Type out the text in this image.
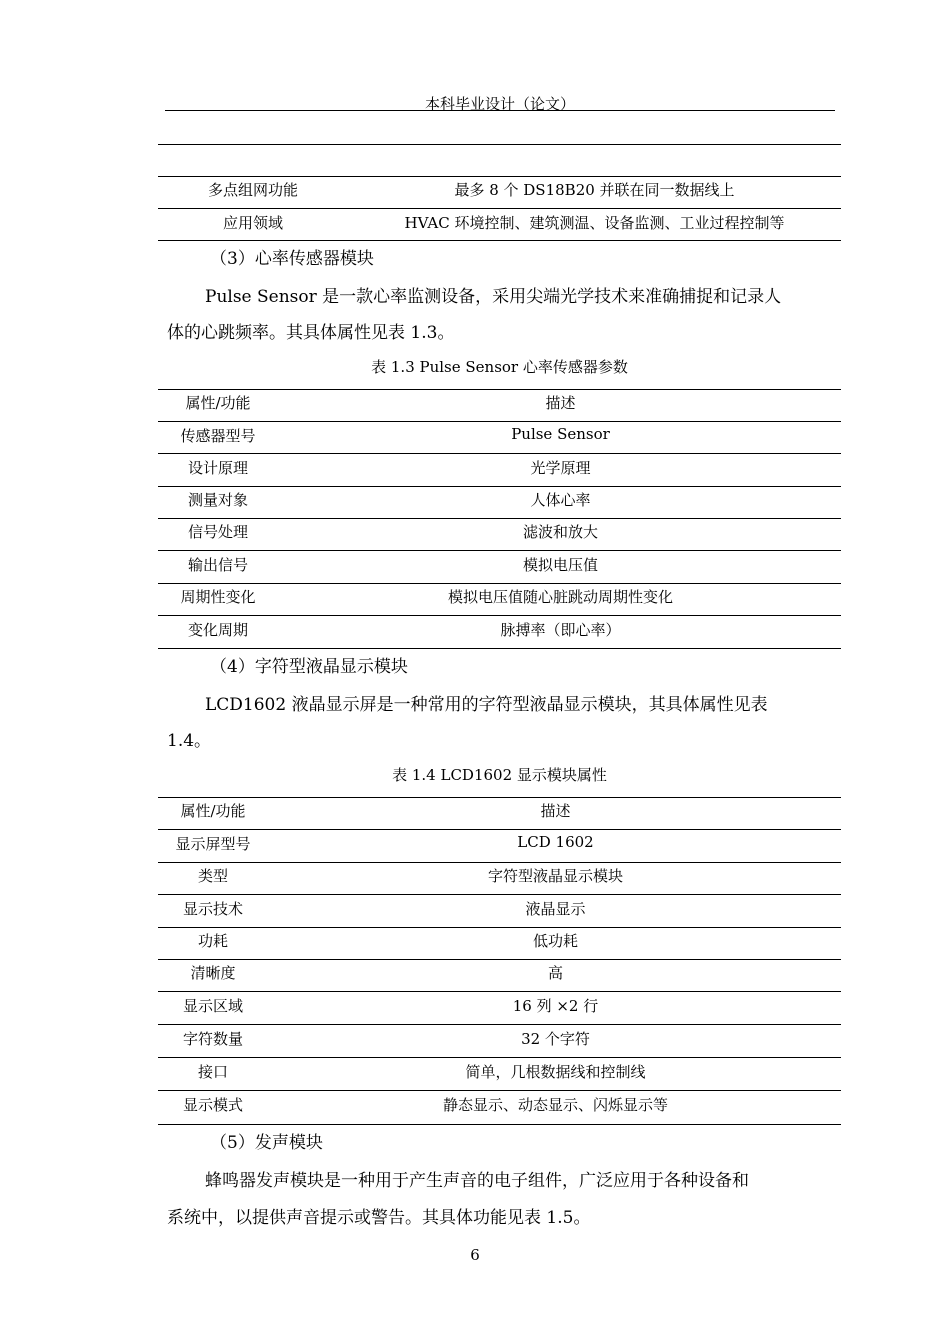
本科毕业设计（论文）
多点组网功能	最多 8 个 DS18B20 并联在同一数据线上
应用领域	HVAC 环境控制、建筑测温、设备监测、工业过程控制等
（3）心率传感器模块
Pulse Sensor 是一款心率监测设备，采用尖端光学技术来准确捕捉和记录人
体的心跳频率。其具体属性见表 1.3。
表 1.3 Pulse Sensor 心率传感器参数
属性/功能	描述
传感器型号	Pulse Sensor
设计原理	光学原理
测量对象	人体心率
信号处理	滤波和放大
输出信号	模拟电压值
周期性变化	模拟电压值随心脏跳动周期性变化
变化周期	脉搏率（即心率）
（4）字符型液晶显示模块
LCD1602 液晶显示屏是一种常用的字符型液晶显示模块，其具体属性见表
1.4。
表 1.4 LCD1602 显示模块属性
属性/功能	描述
显示屏型号	LCD 1602
类型	字符型液晶显示模块
显示技术	液晶显示
功耗	低功耗
清晰度	高
显示区域	16 列 ×2 行
字符数量	32 个字符
接口	简单，几根数据线和控制线
显示模式	静态显示、动态显示、闪烁显示等
（5）发声模块
蜂鸣器发声模块是一种用于产生声音的电子组件，广泛应用于各种设备和
系统中，以提供声音提示或警告。其具体功能见表 1.5。
6
